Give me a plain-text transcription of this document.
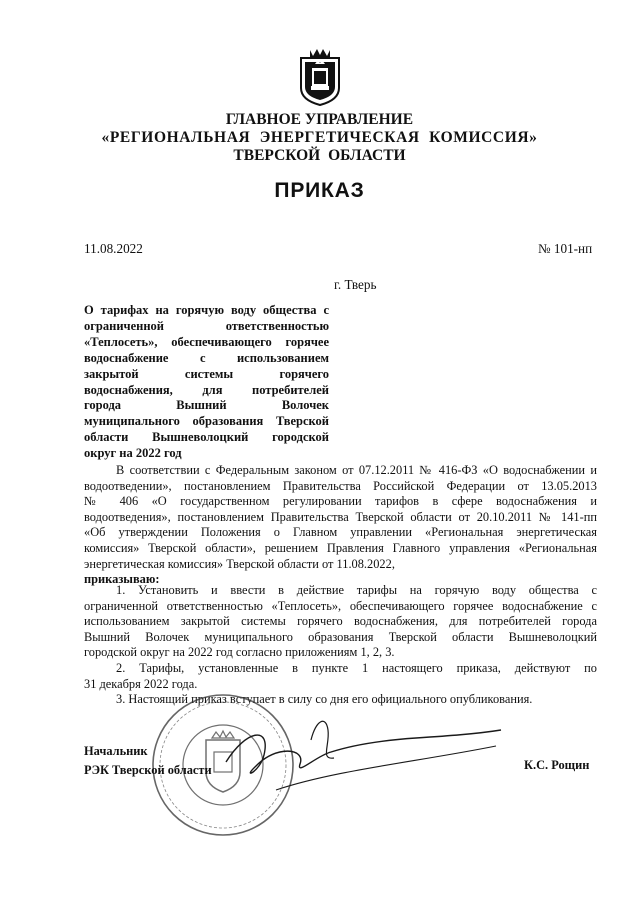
ГЛАВНОЕ УПРАВЛЕНИЕ
«РЕГИОНАЛЬНАЯ ЭНЕРГЕТИЧЕСКАЯ КОМИССИЯ»
ТВЕРСКОЙ ОБЛАСТИ
ПРИКАЗ
11.08.2022	№ 101-нп
г. Тверь
О тарифах на горячую воду общества с
ограниченной ответственностью
«Теплосеть», обеспечивающего горячее
водоснабжение с использованием
закрытой системы горячего
водоснабжения, для потребителей
города Вышний Волочек
муниципального образования Тверской
области Вышневолоцкий городской
округ на 2022 год
В соответствии с Федеральным законом от 07.12.2011 № 416-ФЗ «О водоснабжении и
водоотведении», постановлением Правительства Российской Федерации от 13.05.2013
№ 406 «О государственном регулировании тарифов в сфере водоснабжения и
водоотведения», постановлением Правительства Тверской области от 20.10.2011 № 141-пп
«Об утверждении Положения о Главном управлении «Региональная энергетическая
комиссия» Тверской области», решением Правления Главного управления «Региональная
энергетическая комиссия» Тверской области от 11.08.2022,
приказываю:
1. Установить и ввести в действие тарифы на горячую воду общества с
ограниченной ответственностью «Теплосеть», обеспечивающего горячее водоснабжение с
использованием закрытой системы горячего водоснабжения, для потребителей города
Вышний Волочек муниципального образования Тверской области Вышневолоцкий
городской округ на 2022 год согласно приложениям 1, 2, 3.
2. Тарифы, установленные в пункте 1 настоящего приказа, действуют по
31 декабря 2022 года.
3. Настоящий приказ вступает в силу со дня его официального опубликования.
Начальник
РЭК Тверской области	К.С. Рощин
